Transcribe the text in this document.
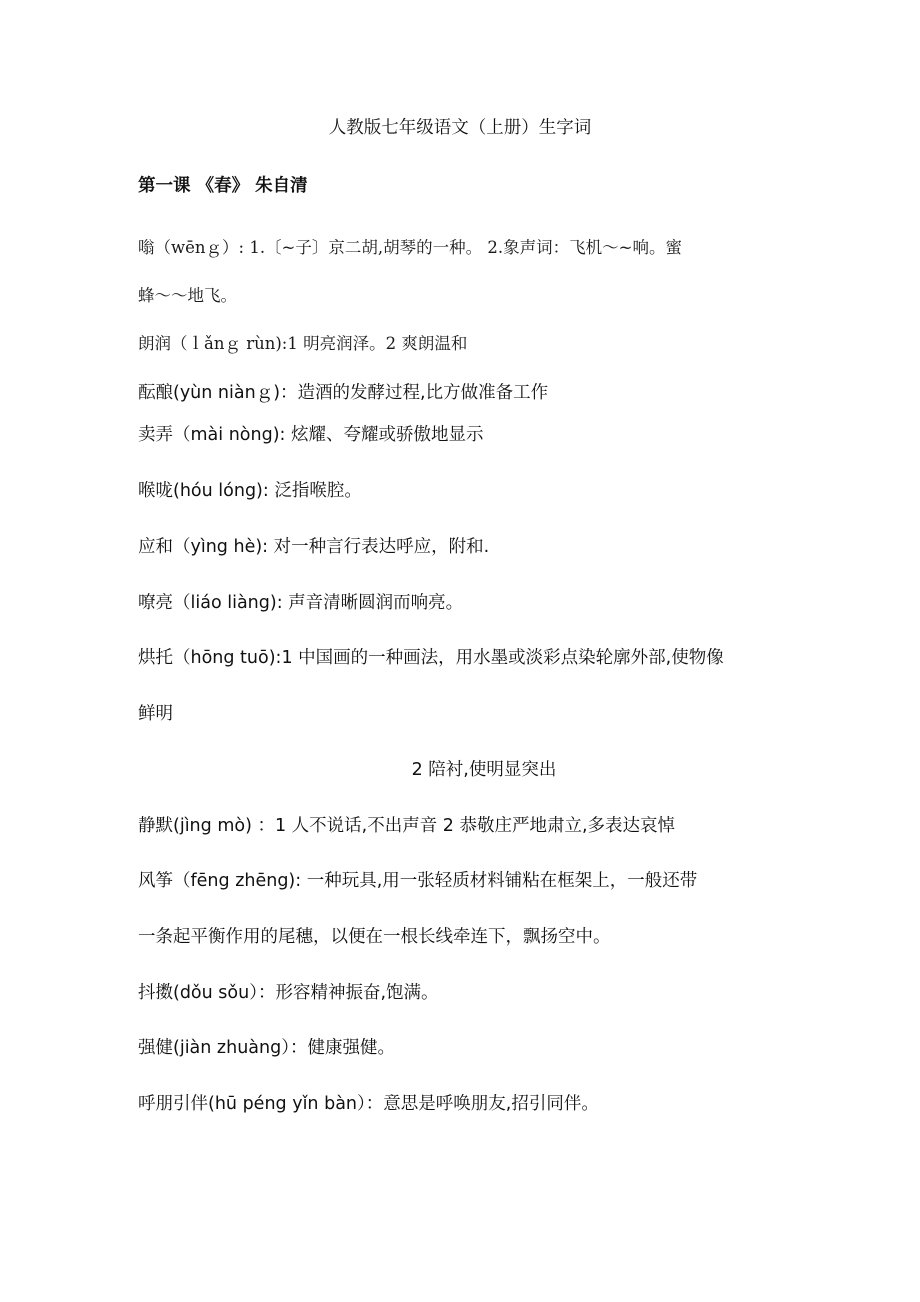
人教版七年级语文（上册）生字词
第一课 《春》 朱自清
嗡（wēnｇ）: 1.〔~子〕京二胡,胡琴的一种。 2.象声词：飞机～~响。蜜
蜂～～地飞。
朗润（ｌǎnｇ rùn):1 明亮润泽。2 爽朗温和
酝酿(yùn niànｇ)：造酒的发酵过程,比方做准备工作
卖弄（mài nòng): 炫耀、夸耀或骄傲地显示
喉咙(hóu lóng): 泛指喉腔。
应和（yìng hè): 对一种言行表达呼应，附和.
嘹亮（liáo liàng): 声音清晰圆润而响亮。
烘托（hōng tuō):1 中国画的一种画法，用水墨或淡彩点染轮廓外部,使物像
鲜明
2 陪衬,使明显突出
静默(jìng mò) ：1 人不说话,不出声音 2 恭敬庄严地肃立,多表达哀悼
风筝（fēng zhēng): 一种玩具,用一张轻质材料铺粘在框架上，一般还带
一条起平衡作用的尾穗，以便在一根长线牵连下，飘扬空中。
抖擞(dǒu sǒu）：形容精神振奋,饱满。
强健(jiàn zhuàng）：健康强健。
呼朋引伴(hū péng yǐn bàn）：意思是呼唤朋友,招引同伴。
